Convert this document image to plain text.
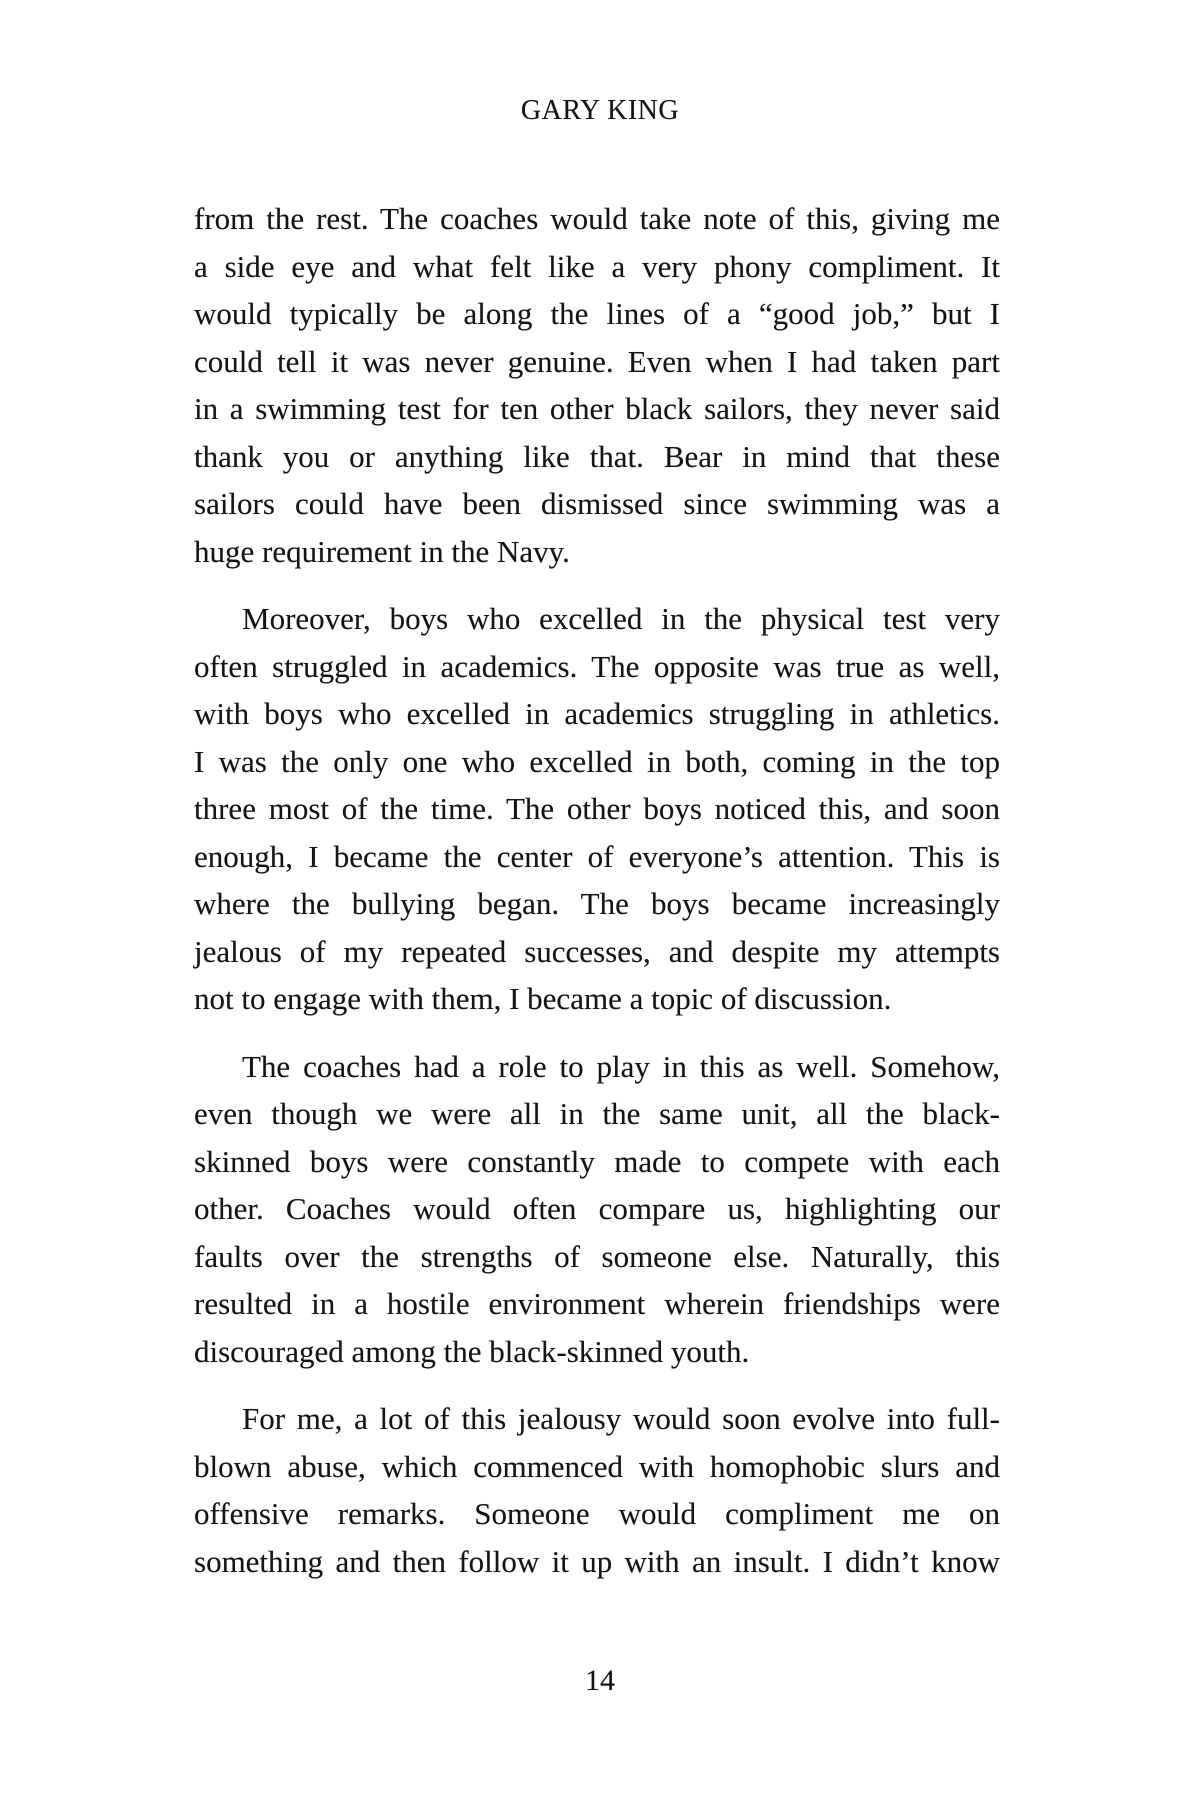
GARY KING
from the rest. The coaches would take note of this, giving me
a side eye and what felt like a very phony compliment. It
would typically be along the lines of a “good job,” but I
could tell it was never genuine. Even when I had taken part
in a swimming test for ten other black sailors, they never said
thank you or anything like that. Bear in mind that these
sailors could have been dismissed since swimming was a
huge requirement in the Navy.
Moreover, boys who excelled in the physical test very
often struggled in academics. The opposite was true as well,
with boys who excelled in academics struggling in athletics.
I was the only one who excelled in both, coming in the top
three most of the time. The other boys noticed this, and soon
enough, I became the center of everyone’s attention. This is
where the bullying began. The boys became increasingly
jealous of my repeated successes, and despite my attempts
not to engage with them, I became a topic of discussion.
The coaches had a role to play in this as well. Somehow,
even though we were all in the same unit, all the black-
skinned boys were constantly made to compete with each
other. Coaches would often compare us, highlighting our
faults over the strengths of someone else. Naturally, this
resulted in a hostile environment wherein friendships were
discouraged among the black-skinned youth.
For me, a lot of this jealousy would soon evolve into full-
blown abuse, which commenced with homophobic slurs and
offensive remarks. Someone would compliment me on
something and then follow it up with an insult. I didn’t know
14
